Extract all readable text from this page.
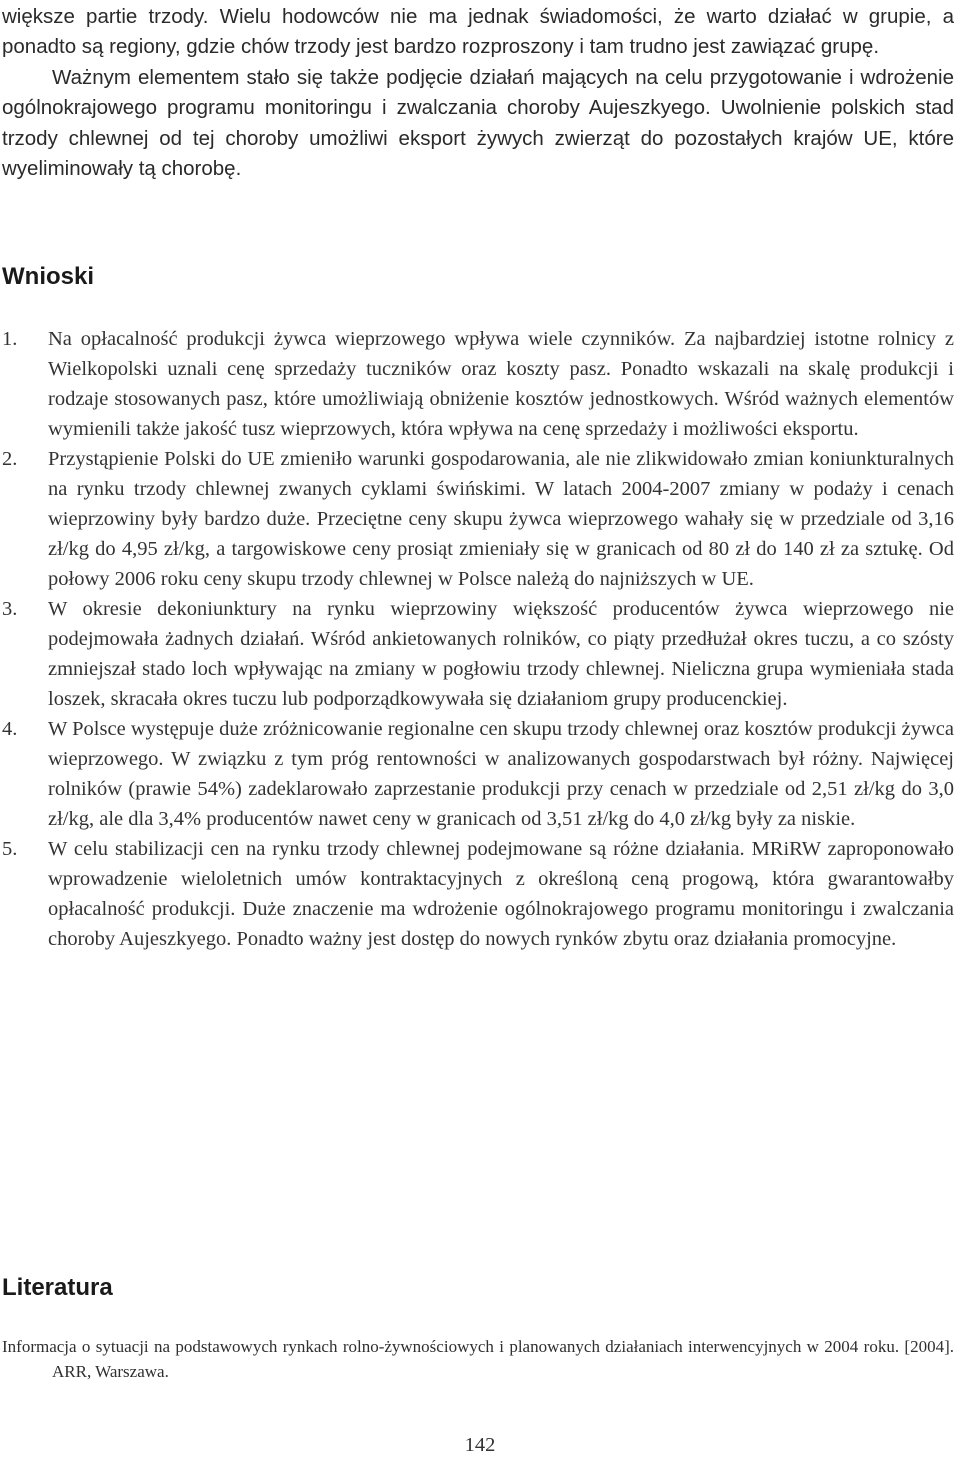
większe partie trzody. Wielu hodowców nie ma jednak świadomości, że warto działać w grupie, a ponadto są regiony, gdzie chów trzody jest bardzo rozproszony i tam trudno jest zawiązać grupę.

Ważnym elementem stało się także podjęcie działań mających na celu przygotowanie i wdrożenie ogólnokrajowego programu monitoringu i zwalczania choroby Aujeszkyego. Uwolnienie polskich stad trzody chlewnej od tej choroby umożliwi eksport żywych zwierząt do pozostałych krajów UE, które wyeliminowały tą chorobę.

Wnioski
1. Na opłacalność produkcji żywca wieprzowego wpływa wiele czynników. Za najbardziej istotne rolnicy z Wielkopolski uznali cenę sprzedaży tuczników oraz koszty pasz. Ponadto wskazali na skalę produkcji i rodzaje stosowanych pasz, które umożliwiają obniżenie kosztów jednostkowych. Wśród ważnych elementów wymienili także jakość tusz wieprzowych, która wpływa na cenę sprzedaży i możliwości eksportu.
2. Przystąpienie Polski do UE zmieniło warunki gospodarowania, ale nie zlikwidowało zmian koniunkturalnych na rynku trzody chlewnej zwanych cyklami świńskimi. W latach 2004-2007 zmiany w podaży i cenach wieprzowiny były bardzo duże. Przeciętne ceny skupu żywca wieprzowego wahały się w przedziale od 3,16 zł/kg do 4,95 zł/kg, a targowiskowe ceny prosiąt zmieniały się w granicach od 80 zł do 140 zł za sztukę. Od połowy 2006 roku ceny skupu trzody chlewnej w Polsce należą do najniższych w UE.
3. W okresie dekoniunktury na rynku wieprzowiny większość producentów żywca wieprzowego nie podejmowała żadnych działań. Wśród ankietowanych rolników, co piąty przedłużał okres tuczu, a co szósty zmniejszał stado loch wpływając na zmiany w pogłowiu trzody chlewnej. Nieliczna grupa wymieniała stada loszek, skracała okres tuczu lub podporządkowywała się działaniom grupy producenckiej.
4. W Polsce występuje duże zróżnicowanie regionalne cen skupu trzody chlewnej oraz kosztów produkcji żywca wieprzowego. W związku z tym próg rentowności w analizowanych gospodarstwach był różny. Najwięcej rolników (prawie 54%) zadeklarowało zaprzestanie produkcji przy cenach w przedziale od 2,51 zł/kg do 3,0 zł/kg, ale dla 3,4% producentów nawet ceny w granicach od 3,51 zł/kg do 4,0 zł/kg były za niskie.
5. W celu stabilizacji cen na rynku trzody chlewnej podejmowane są różne działania. MRiRW zaproponowało wprowadzenie wieloletnich umów kontraktacyjnych z określoną ceną progową, która gwarantowałby opłacalność produkcji. Duże znaczenie ma wdrożenie ogólnokrajowego programu monitoringu i zwalczania choroby Aujeszkyego. Ponadto ważny jest dostęp do nowych rynków zbytu oraz działania promocyjne.
Literatura

Informacja o sytuacji na podstawowych rynkach rolno-żywnościowych i planowanych działaniach interwencyjnych w 2004 roku. [2004]. ARR, Warszawa.

142
